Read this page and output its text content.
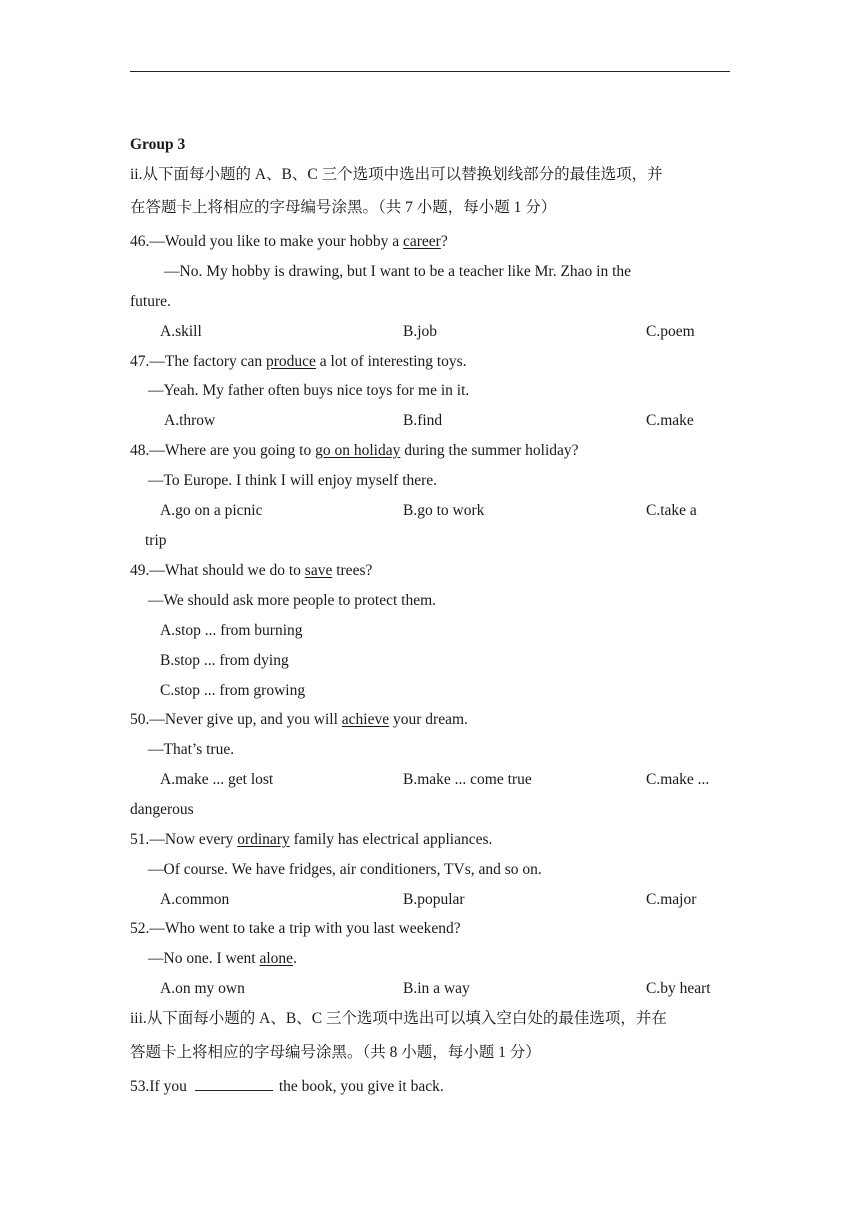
Group 3
ii.从下面每小题的 A、B、C 三个选项中选出可以替换划线部分的最佳选项，并
在答题卡上将相应的字母编号涂黑。（共 7 小题，每小题 1 分）
46.—Would you like to make your hobby a career?
—No. My hobby is drawing, but I want to be a teacher like Mr. Zhao in the
future.
A.skill	B.job	C.poem
47.—The factory can produce a lot of interesting toys.
—Yeah. My father often buys nice toys for me in it.
A.throw	B.find	C.make
48.—Where are you going to go on holiday during the summer holiday?
—To Europe. I think I will enjoy myself there.
A.go on a picnic	B.go to work	C.take a
trip
49.—What should we do to save trees?
—We should ask more people to protect them.
A.stop ... from burning
B.stop ... from dying
C.stop ... from growing
50.—Never give up, and you will achieve your dream.
—That’s true.
A.make ... get lost	B.make ... come true	C.make ...
dangerous
51.—Now every ordinary family has electrical appliances.
—Of course. We have fridges, air conditioners, TVs, and so on.
A.common	B.popular	C.major
52.—Who went to take a trip with you last weekend?
—No one. I went alone.
A.on my own	B.in a way	C.by heart
iii.从下面每小题的 A、B、C 三个选项中选出可以填入空白处的最佳选项，并在
答题卡上将相应的字母编号涂黑。（共 8 小题，每小题 1 分）
53.If you	the book, you give it back.
